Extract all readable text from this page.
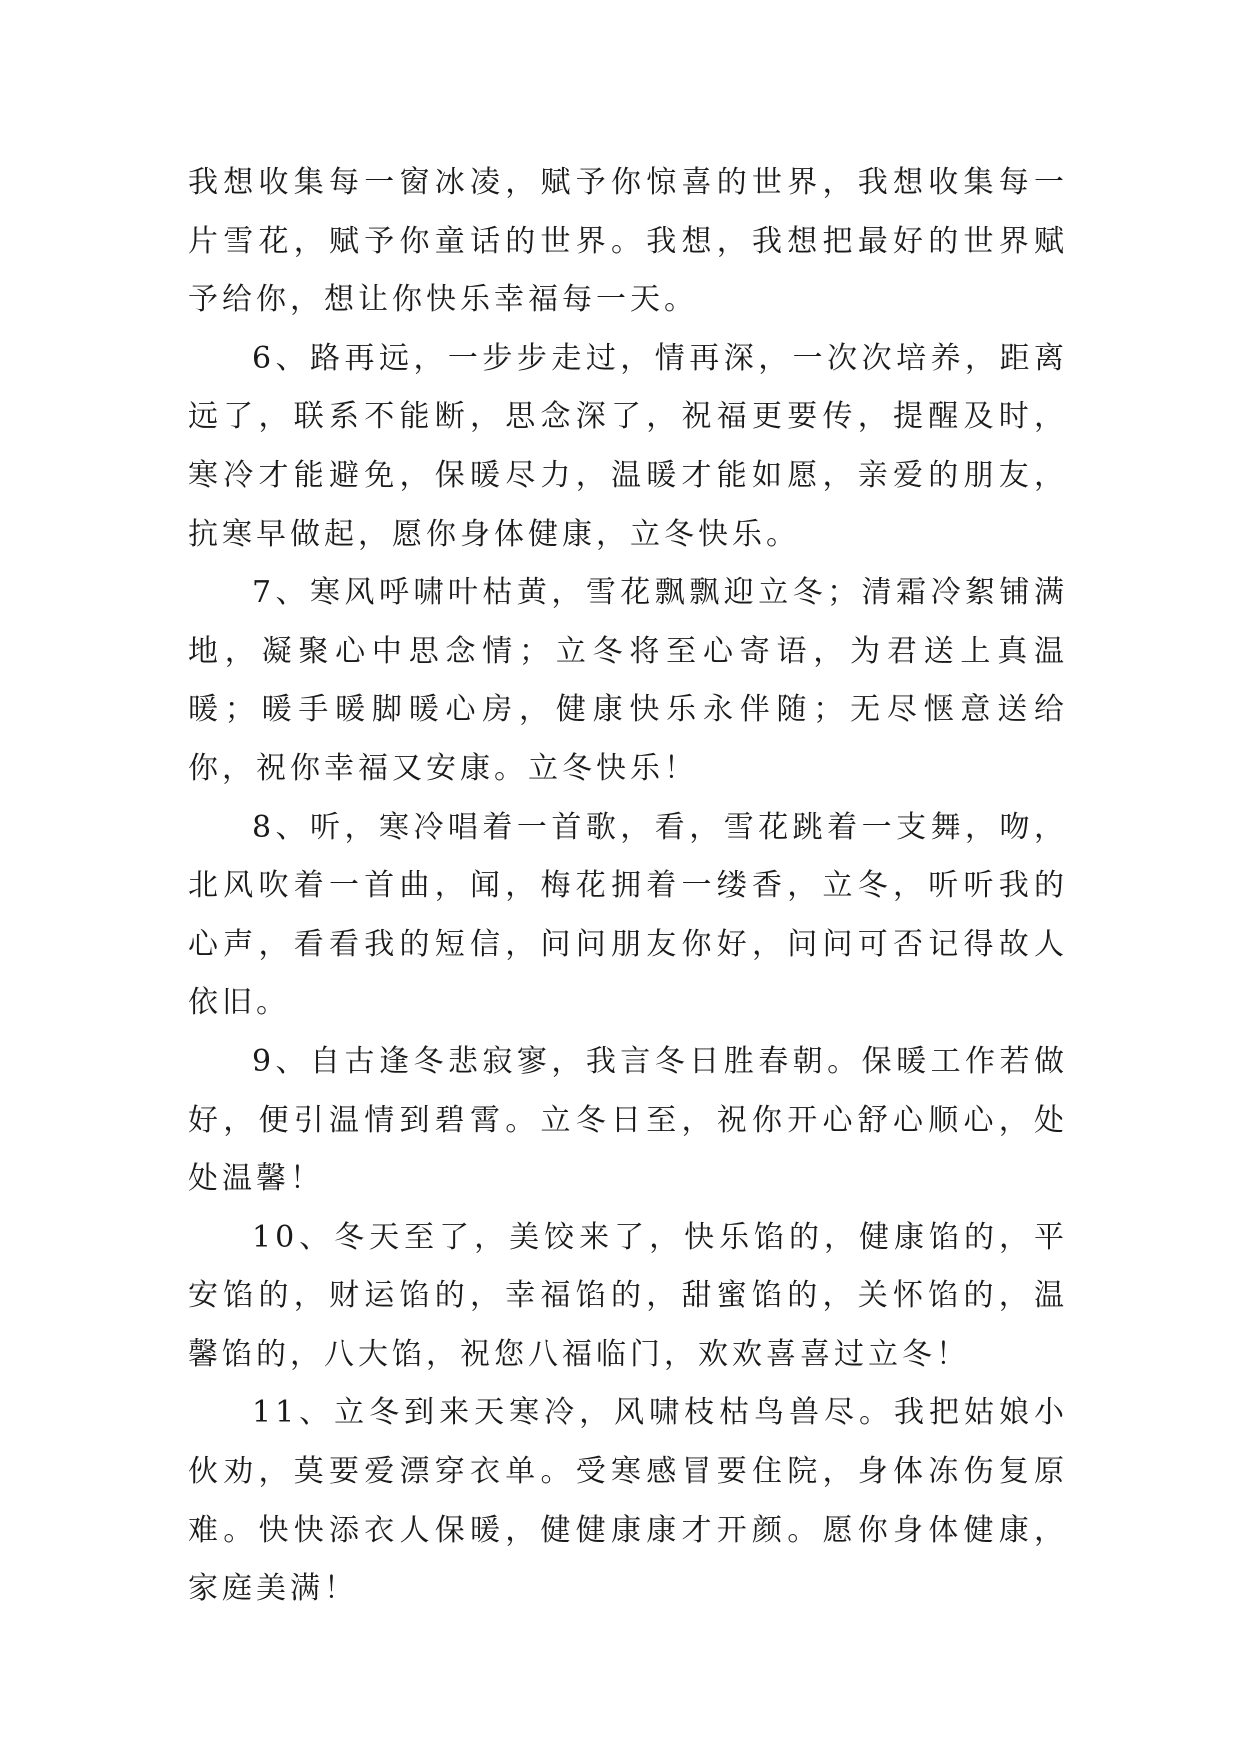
我想收集每一窗冰凌，赋予你惊喜的世界，我想收集每一片雪花，赋予你童话的世界。我想，我想把最好的世界赋予给你，想让你快乐幸福每一天。

6、路再远，一步步走过，情再深，一次次培养，距离远了，联系不能断，思念深了，祝福更要传，提醒及时，寒冷才能避免，保暖尽力，温暖才能如愿，亲爱的朋友，抗寒早做起，愿你身体健康，立冬快乐。

7、寒风呼啸叶枯黄，雪花飘飘迎立冬；清霜冷絮铺满地，凝聚心中思念情；立冬将至心寄语，为君送上真温暖；暖手暖脚暖心房，健康快乐永伴随；无尽惬意送给你，祝你幸福又安康。立冬快乐！

8、听，寒冷唱着一首歌，看，雪花跳着一支舞，吻，北风吹着一首曲，闻，梅花拥着一缕香，立冬，听听我的心声，看看我的短信，问问朋友你好，问问可否记得故人依旧。

9、自古逢冬悲寂寥，我言冬日胜春朝。保暖工作若做好，便引温情到碧霄。立冬日至，祝你开心舒心顺心，处处温馨！

10、冬天至了，美饺来了，快乐馅的，健康馅的，平安馅的，财运馅的，幸福馅的，甜蜜馅的，关怀馅的，温馨馅的，八大馅，祝您八福临门，欢欢喜喜过立冬！

11、立冬到来天寒冷，风啸枝枯鸟兽尽。我把姑娘小伙劝，莫要爱漂穿衣单。受寒感冒要住院，身体冻伤复原难。快快添衣人保暖，健健康康才开颜。愿你身体健康，家庭美满！
